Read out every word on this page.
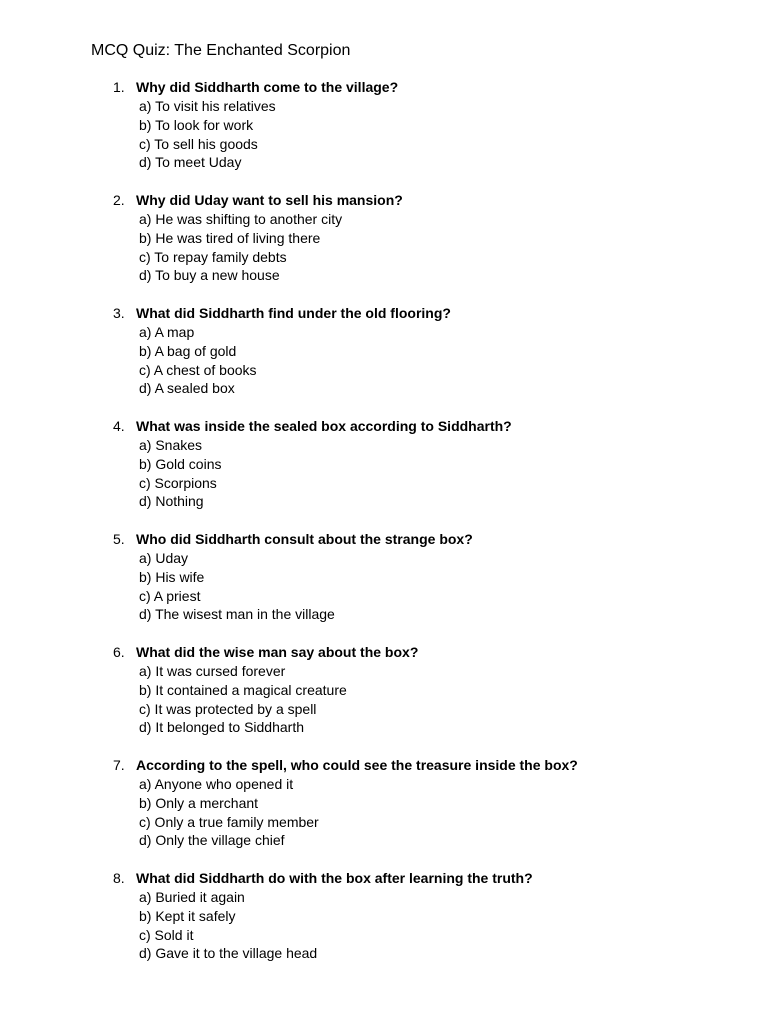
MCQ Quiz: The Enchanted Scorpion
1. Why did Siddharth come to the village?
a) To visit his relatives
b) To look for work
c) To sell his goods
d) To meet Uday
2. Why did Uday want to sell his mansion?
a) He was shifting to another city
b) He was tired of living there
c) To repay family debts
d) To buy a new house
3. What did Siddharth find under the old flooring?
a) A map
b) A bag of gold
c) A chest of books
d) A sealed box
4. What was inside the sealed box according to Siddharth?
a) Snakes
b) Gold coins
c) Scorpions
d) Nothing
5. Who did Siddharth consult about the strange box?
a) Uday
b) His wife
c) A priest
d) The wisest man in the village
6. What did the wise man say about the box?
a) It was cursed forever
b) It contained a magical creature
c) It was protected by a spell
d) It belonged to Siddharth
7. According to the spell, who could see the treasure inside the box?
a) Anyone who opened it
b) Only a merchant
c) Only a true family member
d) Only the village chief
8. What did Siddharth do with the box after learning the truth?
a) Buried it again
b) Kept it safely
c) Sold it
d) Gave it to the village head
